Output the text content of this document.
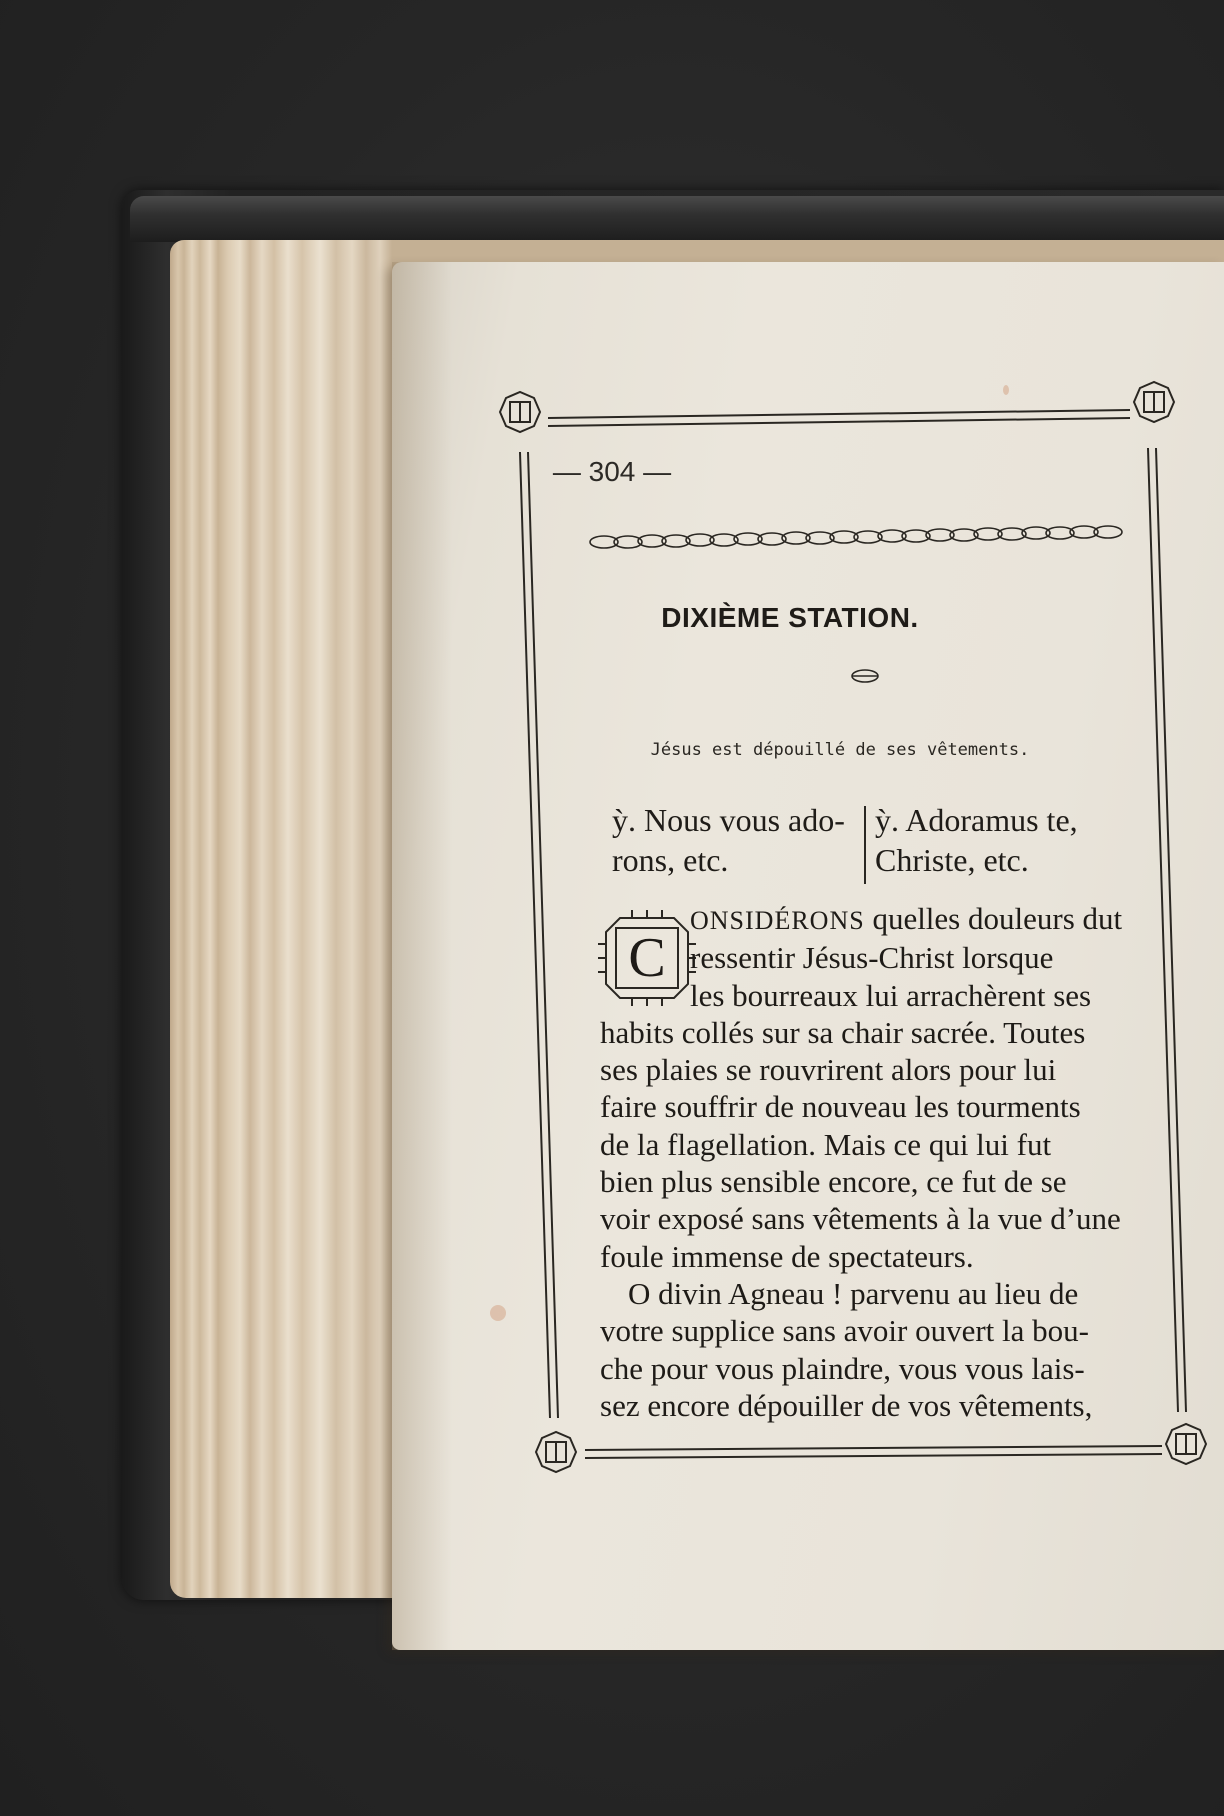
— 304 —
DIXIÈME STATION.
Jésus est dépouillé de ses vêtements.
ỳ. Nous vous ado-
rons, etc.
ỳ. Adoramus te,
Christe, etc.
C
ONSIDÉRONS quelles douleurs dut
ressentir Jésus-Christ lorsque
les bourreaux lui arrachèrent ses
habits collés sur sa chair sacrée. Toutes
ses plaies se rouvrirent alors pour lui
faire souffrir de nouveau les tourments
de la flagellation. Mais ce qui lui fut
bien plus sensible encore, ce fut de se
voir exposé sans vêtements à la vue d’une
foule immense de spectateurs.
O divin Agneau ! parvenu au lieu de
votre supplice sans avoir ouvert la bou-
che pour vous plaindre, vous vous lais-
sez encore dépouiller de vos vêtements,
